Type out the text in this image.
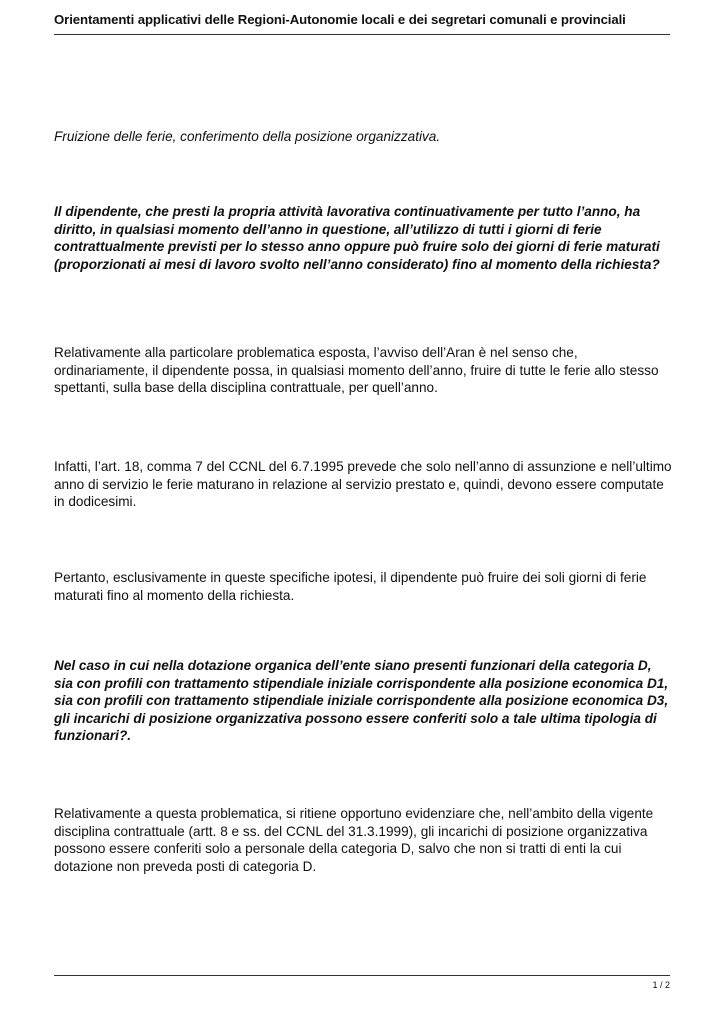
Orientamenti applicativi delle Regioni-Autonomie locali e dei segretari comunali e provinciali

Fruizione delle ferie, conferimento della posizione organizzativa.

Il dipendente, che presti la propria attività lavorativa continuativamente per tutto l’anno, ha diritto, in qualsiasi momento dell’anno in questione, all’utilizzo di tutti i giorni di ferie contrattualmente previsti per lo stesso anno oppure può fruire solo dei giorni di ferie maturati (proporzionati ai mesi di lavoro svolto nell’anno considerato) fino al momento della richiesta?

Relativamente alla particolare problematica esposta, l’avviso dell’Aran è nel senso che, ordinariamente, il dipendente possa, in qualsiasi momento dell’anno, fruire di tutte le ferie allo stesso spettanti, sulla base della disciplina contrattuale, per quell’anno.

Infatti, l’art. 18, comma 7 del CCNL del 6.7.1995 prevede che solo nell’anno di assunzione e nell’ultimo anno di servizio le ferie maturano in relazione al servizio prestato e, quindi, devono essere computate in dodicesimi.

Pertanto, esclusivamente in queste specifiche ipotesi, il dipendente può fruire dei soli giorni di ferie maturati fino al momento della richiesta.

Nel caso in cui nella dotazione organica dell’ente siano presenti funzionari della categoria D, sia con profili con trattamento stipendiale iniziale corrispondente alla posizione economica D1, sia con profili con trattamento stipendiale iniziale corrispondente alla posizione economica D3, gli incarichi di posizione organizzativa possono essere conferiti solo a tale ultima tipologia di funzionari?.

Relativamente a questa problematica, si ritiene opportuno evidenziare che, nell’ambito della vigente disciplina contrattuale (artt. 8 e ss. del CCNL del 31.3.1999), gli incarichi di posizione organizzativa possono essere conferiti solo a personale della categoria D, salvo che non si tratti di enti la cui dotazione non preveda posti di categoria D.

1 / 2
